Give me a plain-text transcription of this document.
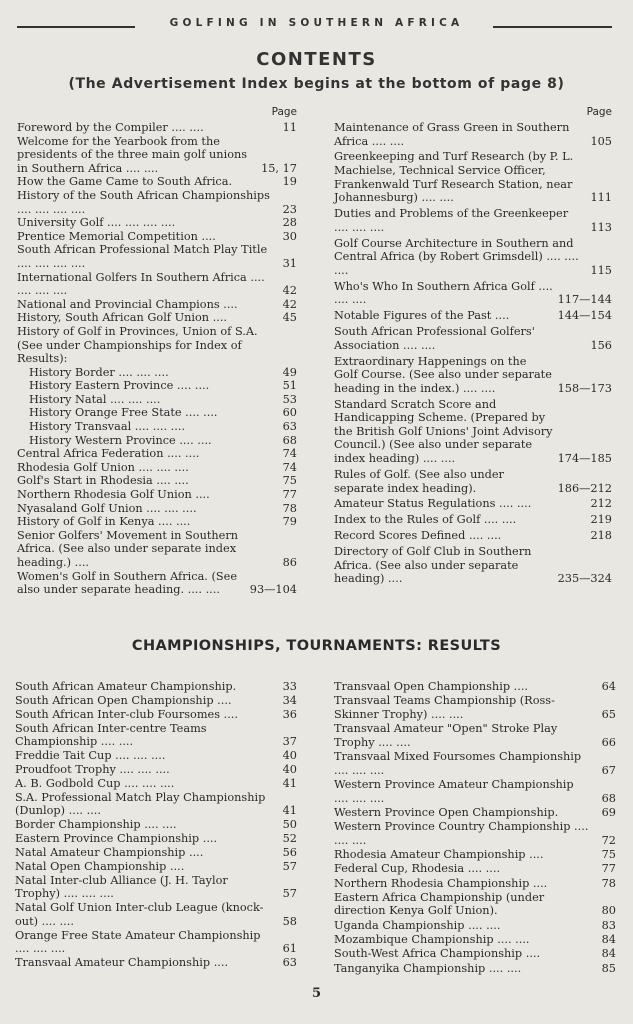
GOLFING IN SOUTHERN AFRICA
CONTENTS
(The Advertisement Index begins at the bottom of page 8)
Page
Foreword by the Compiler .... ....	11
Welcome for the Yearbook from the presidents of the three main golf unions in Southern Africa .... ....	15, 17
How the Game Came to South Africa.	19
History of the South African Championships .... .... .... ....	23
University Golf .... .... .... ....	28
Prentice Memorial Competition ....	30
South African Professional Match Play Title .... .... .... ....	31
International Golfers In Southern Africa .... .... .... ....	42
National and Provincial Champions ....	42
History, South African Golf Union ....	45
History of Golf in Provinces, Union of S.A. (See under Championships for Index of Results):
History Border .... .... ....	49
History Eastern Province .... ....	51
History Natal .... .... ....	53
History Orange Free State .... ....	60
History Transvaal .... .... ....	63
History Western Province .... ....	68
Central Africa Federation .... ....	74
Rhodesia Golf Union .... .... ....	74
Golf's Start in Rhodesia .... ....	75
Northern Rhodesia Golf Union ....	77
Nyasaland Golf Union .... .... ....	78
History of Golf in Kenya .... ....	79
Senior Golfers' Movement in Southern Africa. (See also under separate index heading.) ....	86
Women's Golf in Southern Africa. (See also under separate heading. .... ....	93—104
Page
Maintenance of Grass Green in Southern Africa .... ....	105
Greenkeeping and Turf Research (by P. L. Machielse, Technical Service Officer, Frankenwald Turf Research Station, near Johannesburg) .... ....	111
Duties and Problems of the Greenkeeper .... .... ....	113
Golf Course Architecture in Southern and Central Africa (by Robert Grimsdell) .... .... ....	115
Who's Who In Southern Africa Golf .... .... ....	117—144
Notable Figures of the Past ....	144—154
South African Professional Golfers' Association .... ....	156
Extraordinary Happenings on the Golf Course. (See also under separate heading in the index.) .... ....	158—173
Standard Scratch Score and Handicapping Scheme. (Prepared by the British Golf Unions' Joint Advisory Council.) (See also under separate index heading) .... ....	174—185
Rules of Golf. (See also under separate index heading).	186—212
Amateur Status Regulations .... ....	212
Index to the Rules of Golf .... ....	219
Record Scores Defined .... ....	218
Directory of Golf Club in Southern Africa. (See also under separate heading) ....	235—324
CHAMPIONSHIPS, TOURNAMENTS: RESULTS
South African Amateur Championship.	33
South African Open Championship ....	34
South African Inter-club Foursomes ....	36
South African Inter-centre Teams Championship .... ....	37
Freddie Tait Cup .... .... ....	40
Proudfoot Trophy .... .... ....	40
A. B. Godbold Cup .... .... ....	41
S.A. Professional Match Play Championship (Dunlop) .... ....	41
Border Championship .... ....	50
Eastern Province Championship ....	52
Natal Amateur Championship ....	56
Natal Open Championship ....	57
Natal Inter-club Alliance (J. H. Taylor Trophy) .... .... ....	57
Natal Golf Union Inter-club League (knock-out) .... ....	58
Orange Free State Amateur Championship .... .... ....	61
Transvaal Amateur Championship ....	63
Transvaal Open Championship ....	64
Transvaal Teams Championship (Ross-Skinner Trophy) .... ....	65
Transvaal Amateur "Open" Stroke Play Trophy .... ....	66
Transvaal Mixed Foursomes Championship .... .... ....	67
Western Province Amateur Championship .... .... ....	68
Western Province Open Championship.	69
Western Province Country Championship .... .... ....	72
Rhodesia Amateur Championship ....	75
Federal Cup, Rhodesia .... ....	77
Northern Rhodesia Championship ....	78
Eastern Africa Championship (under direction Kenya Golf Union).	80
Uganda Championship .... ....	83
Mozambique Championship .... ....	84
South-West Africa Championship ....	84
Tanganyika Championship .... ....	85
5
